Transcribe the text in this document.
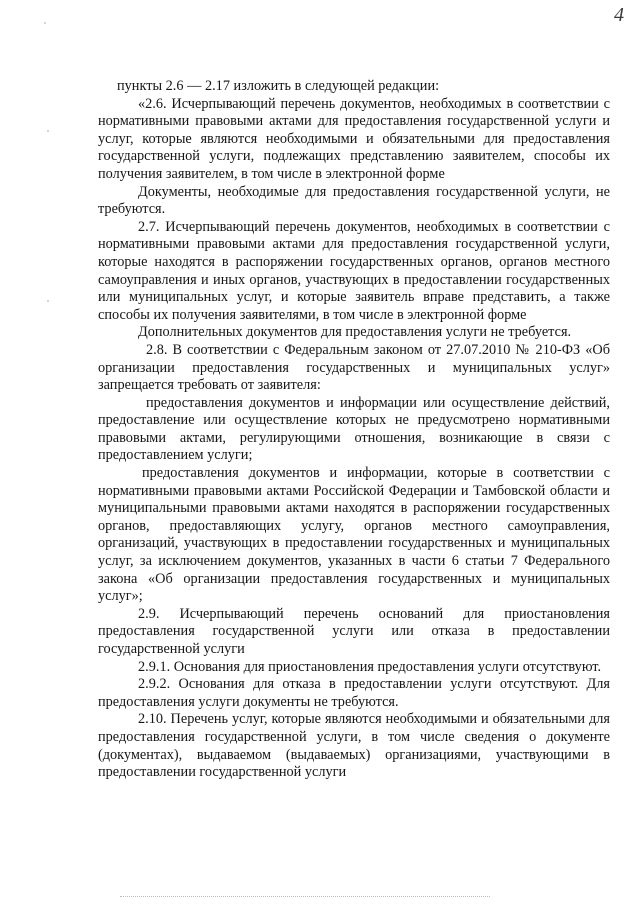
4

пункты 2.6 — 2.17 изложить в следующей редакции:

«2.6. Исчерпывающий перечень документов, необходимых в соответствии с нормативными правовыми актами для предоставления государственной услуги и услуг, которые являются необходимыми и обязательными для предоставления государственной услуги, подлежащих представлению заявителем, способы их получения заявителем, в том числе в электронной форме

Документы, необходимые для предоставления государственной услуги, не требуются.

2.7. Исчерпывающий перечень документов, необходимых в соответствии с нормативными правовыми актами для предоставления государственной услуги, которые находятся в распоряжении государственных органов, органов местного самоуправления и иных органов, участвующих в предоставлении государственных или муниципальных услуг, и которые заявитель вправе представить, а также способы их получения заявителями, в том числе в электронной форме

Дополнительных документов для предоставления услуги не требуется.

2.8. В соответствии с Федеральным законом от 27.07.2010 № 210-ФЗ «Об организации предоставления государственных и муниципальных услуг» запрещается требовать от заявителя:

предоставления документов и информации или осуществление действий, предоставление или осуществление которых не предусмотрено нормативными правовыми актами, регулирующими отношения, возникающие в связи с предоставлением услуги;

предоставления документов и информации, которые в соответствии с нормативными правовыми актами Российской Федерации и Тамбовской области и муниципальными правовыми актами находятся в распоряжении государственных органов, предоставляющих услугу, органов местного самоуправления, организаций, участвующих в предоставлении государственных и муниципальных услуг, за исключением документов, указанных в части 6 статьи 7 Федерального закона «Об организации предоставления государственных и муниципальных услуг»;

2.9. Исчерпывающий перечень оснований для приостановления предоставления государственной услуги или отказа в предоставлении государственной услуги

2.9.1. Основания для приостановления предоставления услуги отсутствуют.

2.9.2. Основания для отказа в предоставлении услуги отсутствуют. Для предоставления услуги документы не требуются.

2.10. Перечень услуг, которые являются необходимыми и обязательными для предоставления государственной услуги, в том числе сведения о документе (документах), выдаваемом (выдаваемых) организациями, участвующими в предоставлении государственной услуги
